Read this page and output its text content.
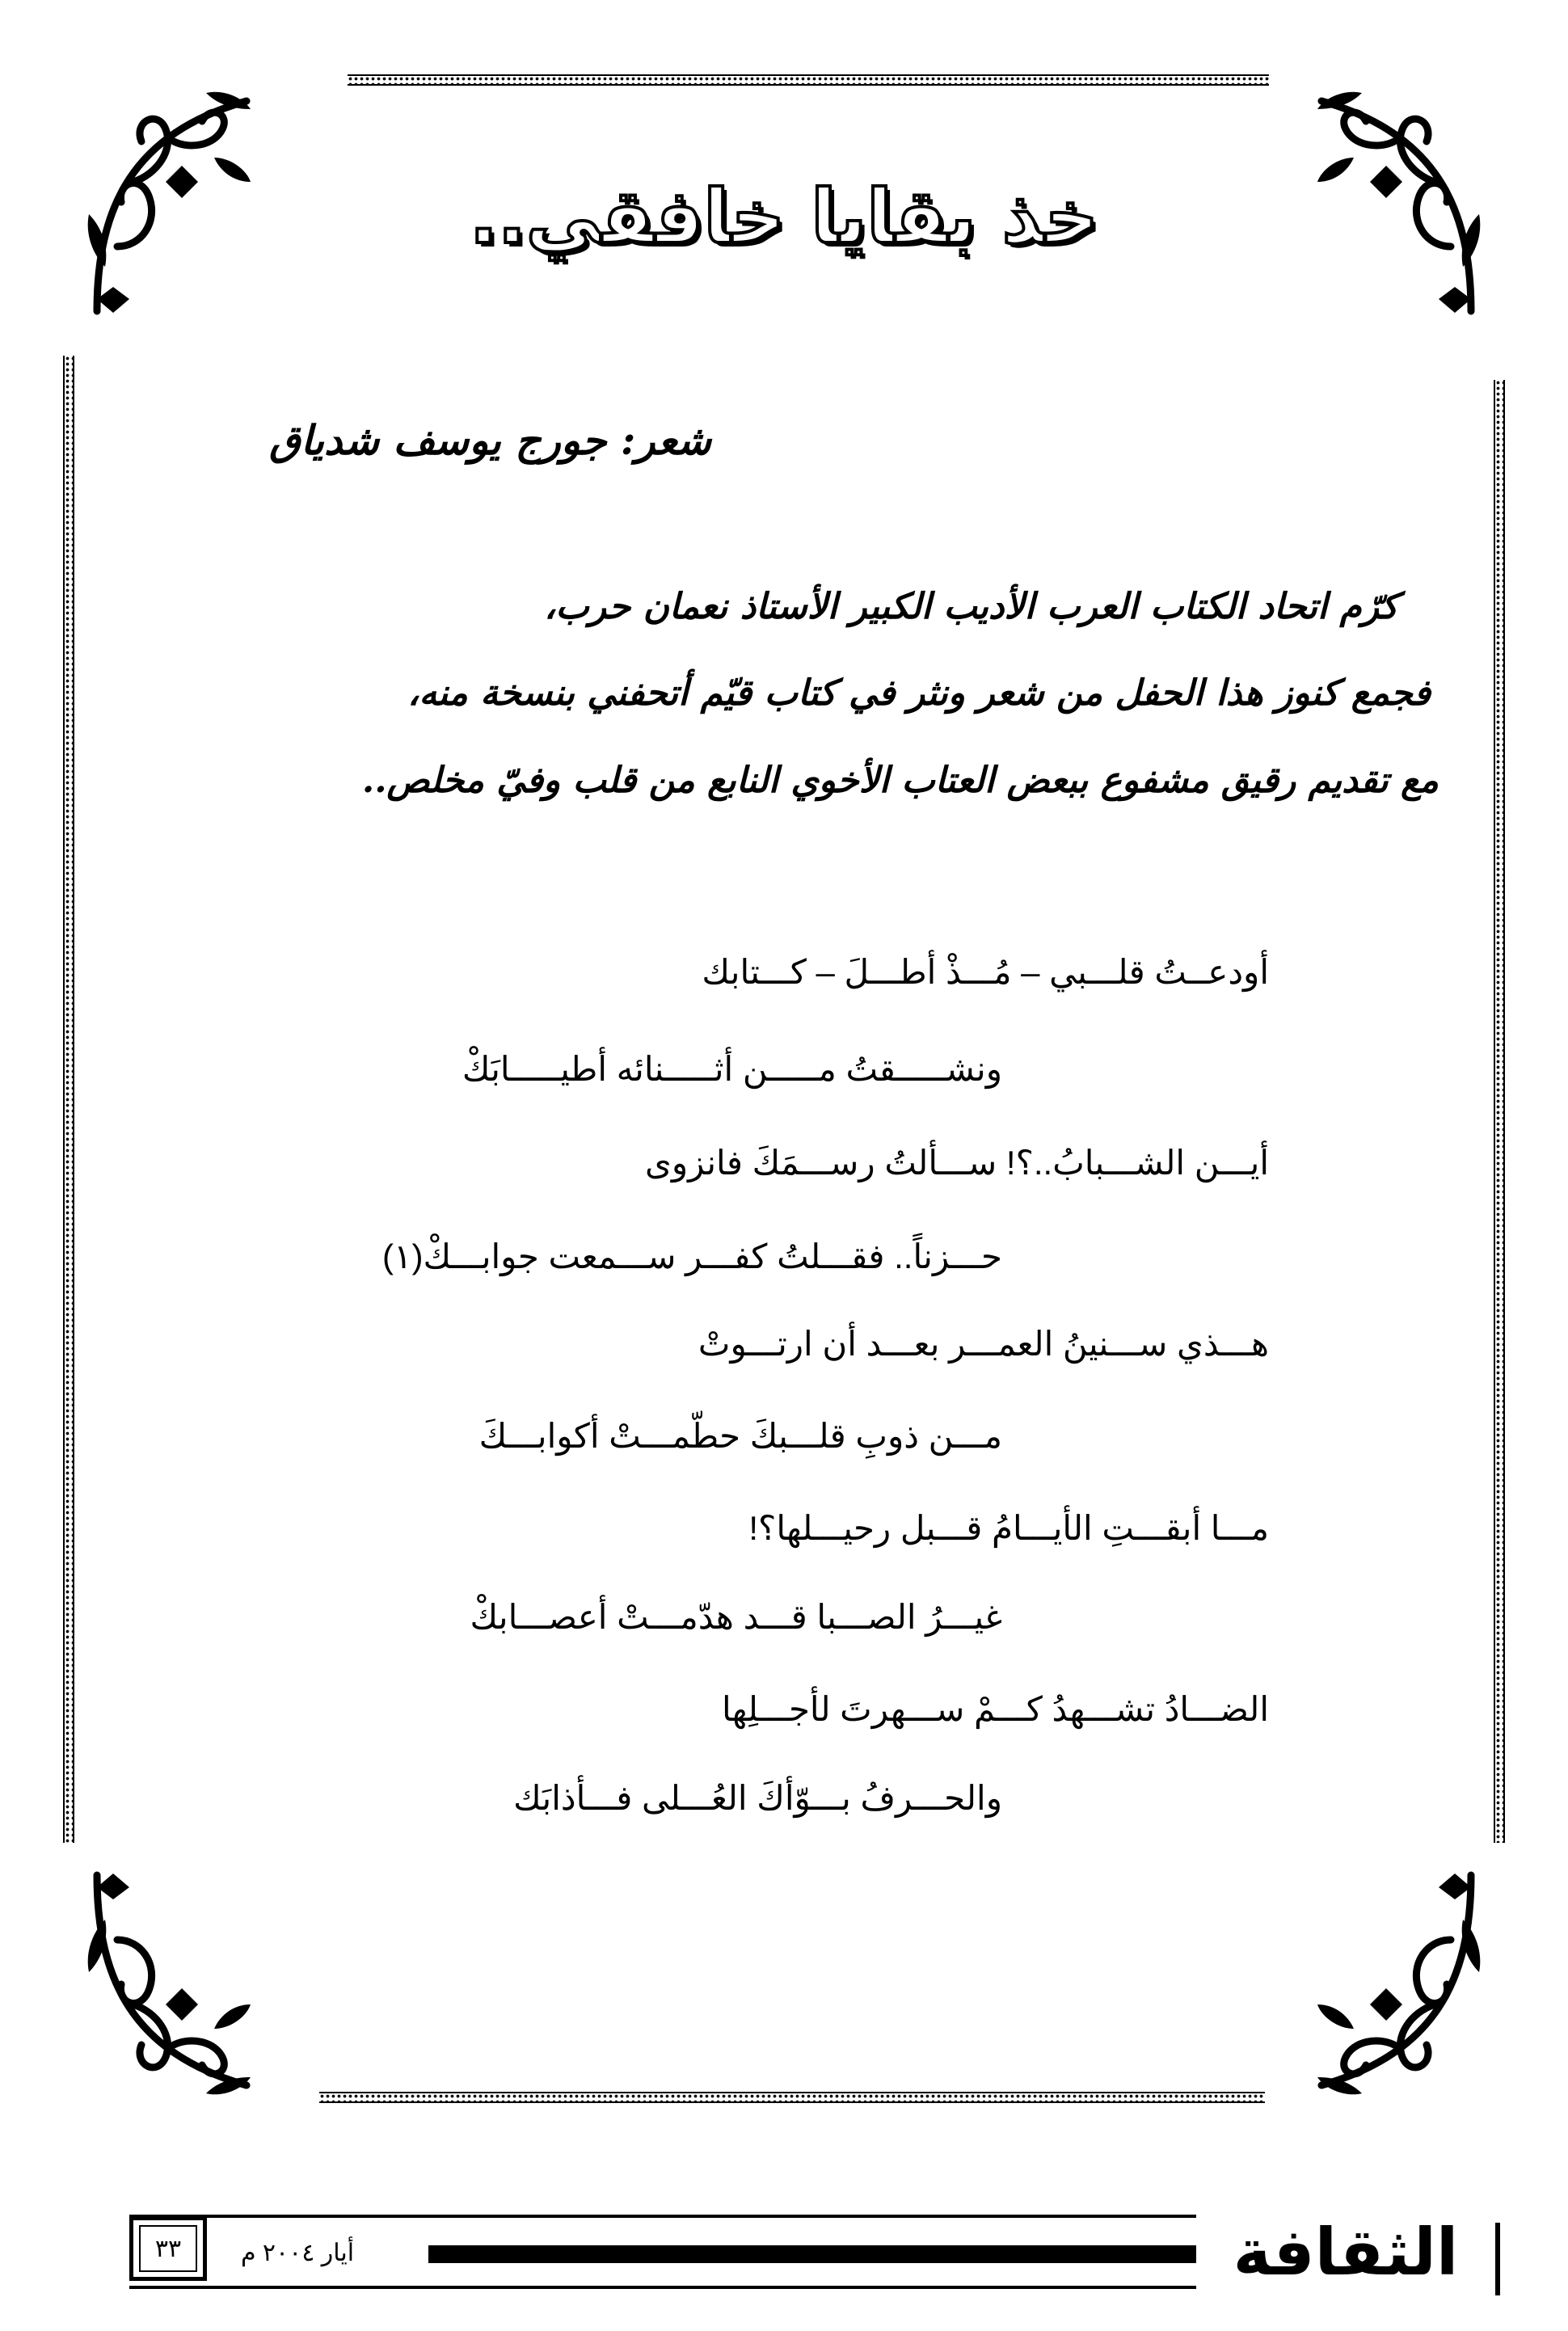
خذ بقايا خافقي..
شعر: جورج يوسف شدياق
كرّم اتحاد الكتاب العرب الأديب الكبير الأستاذ نعمان حرب،
فجمع كنوز هذا الحفل من شعر ونثر في كتاب قيّم أتحفني بنسخة منه،
مع تقديم رقيق مشفوع ببعض العتاب الأخوي النابع من قلب وفيّ مخلص..
أودعــتُ قلـــبي – مُـــذْ أطـــلَ – كـــتابك
ونشـــــقتُ مـــــن أثـــــنائه أطيـــــابَكْ
أيـــن الشـــبابُ..؟! ســـألتُ رســـمَكَ فانزوى
حـــزناً.. فقـــلتُ كفـــر ســـمعت جوابـــكْ(١)
هـــذي ســـنينُ العمـــر بعـــد أن ارتـــوتْ
مـــن ذوبِ قلـــبكَ حطّمـــتْ أكوابـــكَ
مـــا أبقـــتِ الأيـــامُ قـــبل رحيـــلها؟!
غيـــرُ الصـــبا قـــد هدّمـــتْ أعصـــابكْ
الضـــادُ تشـــهدُ كـــمْ ســـهرتَ لأجـــلِها
والحـــرفُ بـــوّأكَ العُـــلى فـــأذابَك
الثقافة
أيار ٢٠٠٤ م
٣٣
